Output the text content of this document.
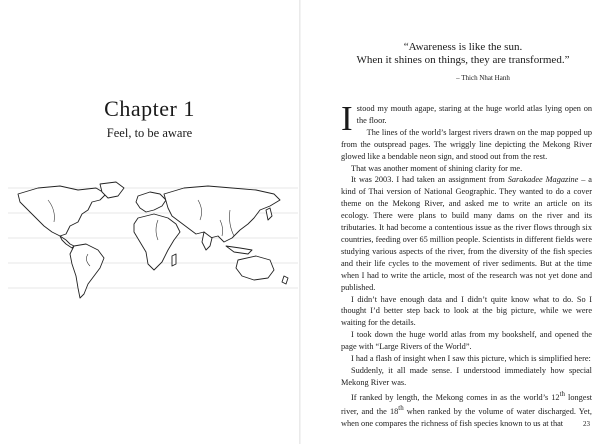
Chapter 1
Feel, to be aware
“Awareness is like the sun.
When it shines on things, they are transformed.”
– Thich Nhat Hanh

Istood my mouth agape, staring at the huge world atlas lying open on the floor.

The lines of the world’s largest rivers drawn on the map popped up from the outspread pages. The wriggly line depicting the Mekong River glowed like a bendable neon sign, and stood out from the rest.

That was another moment of shining clarity for me.

It was 2003. I had taken an assignment from Sarakadee Magazine – a kind of Thai version of National Geographic. They wanted to do a cover theme on the Mekong River, and asked me to write an article on its ecology. There were plans to build many dams on the river and its tributaries. It had become a contentious issue as the river flows through six countries, feeding over 65 million people. Scientists in different fields were studying various aspects of the river, from the diversity of the fish species and their life cycles to the movement of river sediments. But at the time when I had to write the article, most of the research was not yet done and published.

I didn’t have enough data and I didn’t quite know what to do. So I thought I’d better step back to look at the big picture, while we were waiting for the details.

I took down the huge world atlas from my bookshelf, and opened the page with “Large Rivers of the World”.

I had a flash of insight when I saw this picture, which is simplified here:

Suddenly, it all made sense. I understood immediately how special Mekong River was.

If ranked by length, the Mekong comes in as the world’s 12th longest river, and the 18th when ranked by the volume of water discharged. Yet, when one compares the richness of fish species known to us at that	23
